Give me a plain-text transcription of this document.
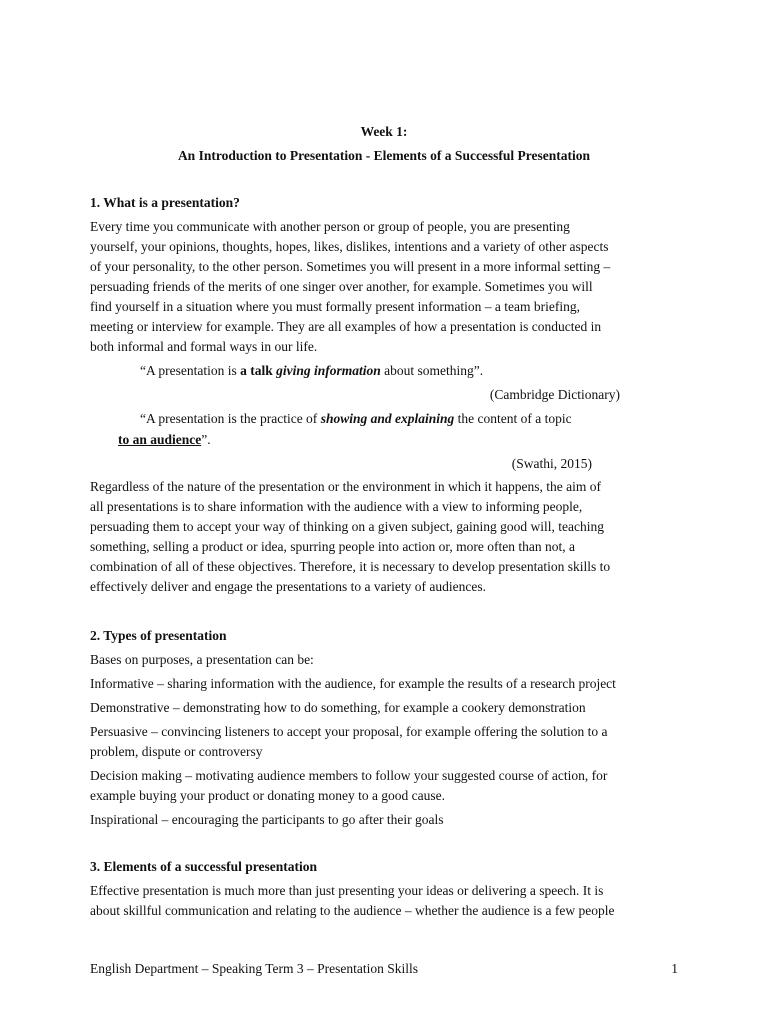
Week 1:
An Introduction to Presentation - Elements of a Successful Presentation
1. What is a presentation?
Every time you communicate with another person or group of people, you are presenting
yourself, your opinions, thoughts, hopes, likes, dislikes, intentions and a variety of other aspects
of your personality, to the other person. Sometimes you will present in a more informal setting –
persuading friends of the merits of one singer over another, for example. Sometimes you will
find yourself in a situation where you must formally present information – a team briefing,
meeting or interview for example. They are all examples of how a presentation is conducted in
both informal and formal ways in our life.
“A presentation is a talk giving information about something”.
(Cambridge Dictionary)
“A presentation is the practice of showing and explaining the content of a topic
to an audience”.
(Swathi, 2015)
Regardless of the nature of the presentation or the environment in which it happens, the aim of
all presentations is to share information with the audience with a view to informing people,
persuading them to accept your way of thinking on a given subject, gaining good will, teaching
something, selling a product or idea, spurring people into action or, more often than not, a
combination of all of these objectives. Therefore, it is necessary to develop presentation skills to
effectively deliver and engage the presentations to a variety of audiences.
2. Types of presentation
Bases on purposes, a presentation can be:
Informative – sharing information with the audience, for example the results of a research project
Demonstrative – demonstrating how to do something, for example a cookery demonstration
Persuasive – convincing listeners to accept your proposal, for example offering the solution to a
problem, dispute or controversy
Decision making – motivating audience members to follow your suggested course of action, for
example buying your product or donating money to a good cause.
Inspirational – encouraging the participants to go after their goals
3. Elements of a successful presentation
Effective presentation is much more than just presenting your ideas or delivering a speech. It is
about skillful communication and relating to the audience – whether the audience is a few people
English Department – Speaking Term 3 – Presentation Skills	1
